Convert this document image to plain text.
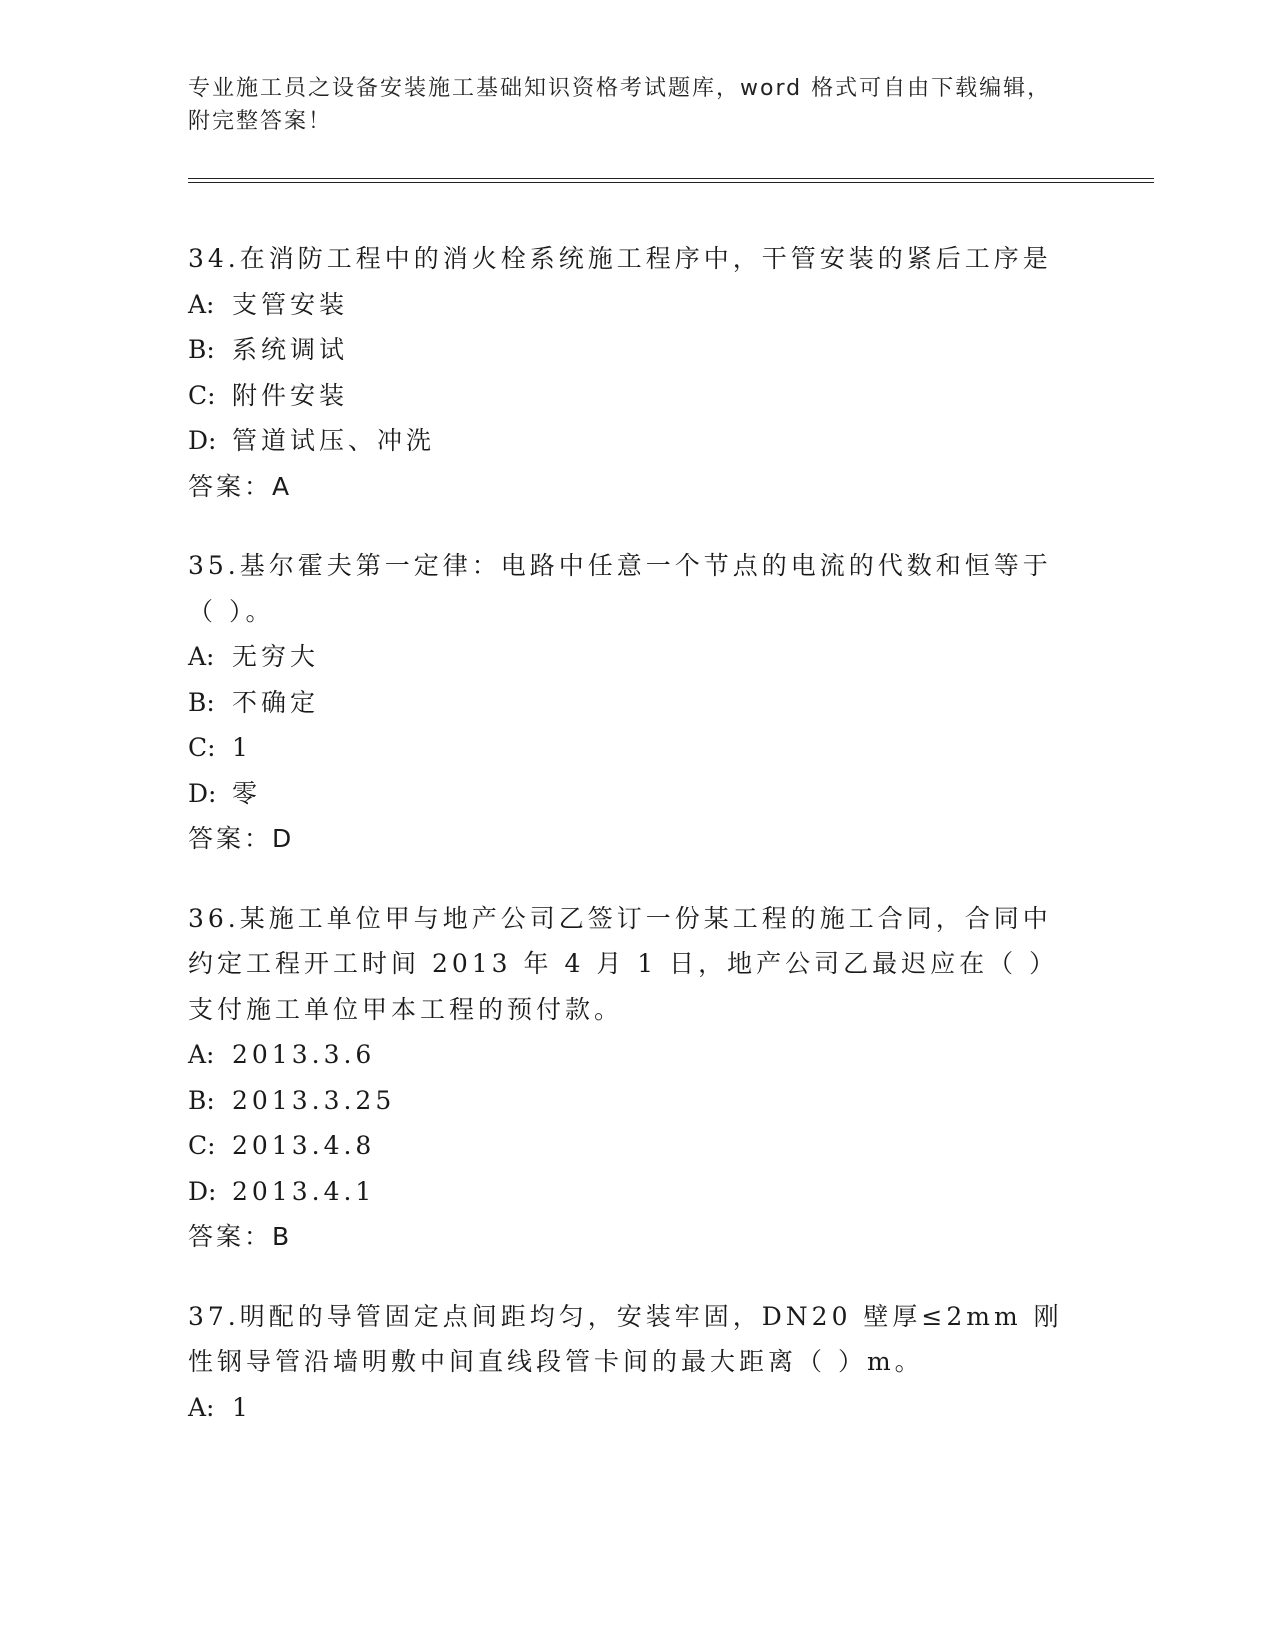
专业施工员之设备安装施工基础知识资格考试题库，word 格式可自由下载编辑，
附完整答案！

34.在消防工程中的消火栓系统施工程序中，干管安装的紧后工序是

A: 支管安装

B: 系统调试

C: 附件安装

D: 管道试压、冲洗

答案：A

35.基尔霍夫第一定律：电路中任意一个节点的电流的代数和恒等于（ ）。

A: 无穷大

B: 不确定

C: 1

D: 零

答案：D

36.某施工单位甲与地产公司乙签订一份某工程的施工合同，合同中约定工程开工时间 2013 年 4 月 1 日，地产公司乙最迟应在（ ）支付施工单位甲本工程的预付款。

A: 2013.3.6

B: 2013.3.25

C: 2013.4.8

D: 2013.4.1

答案：B

37.明配的导管固定点间距均匀，安装牢固，DN20 壁厚≤2mm 刚性钢导管沿墙明敷中间直线段管卡间的最大距离（ ）m。

A: 1
